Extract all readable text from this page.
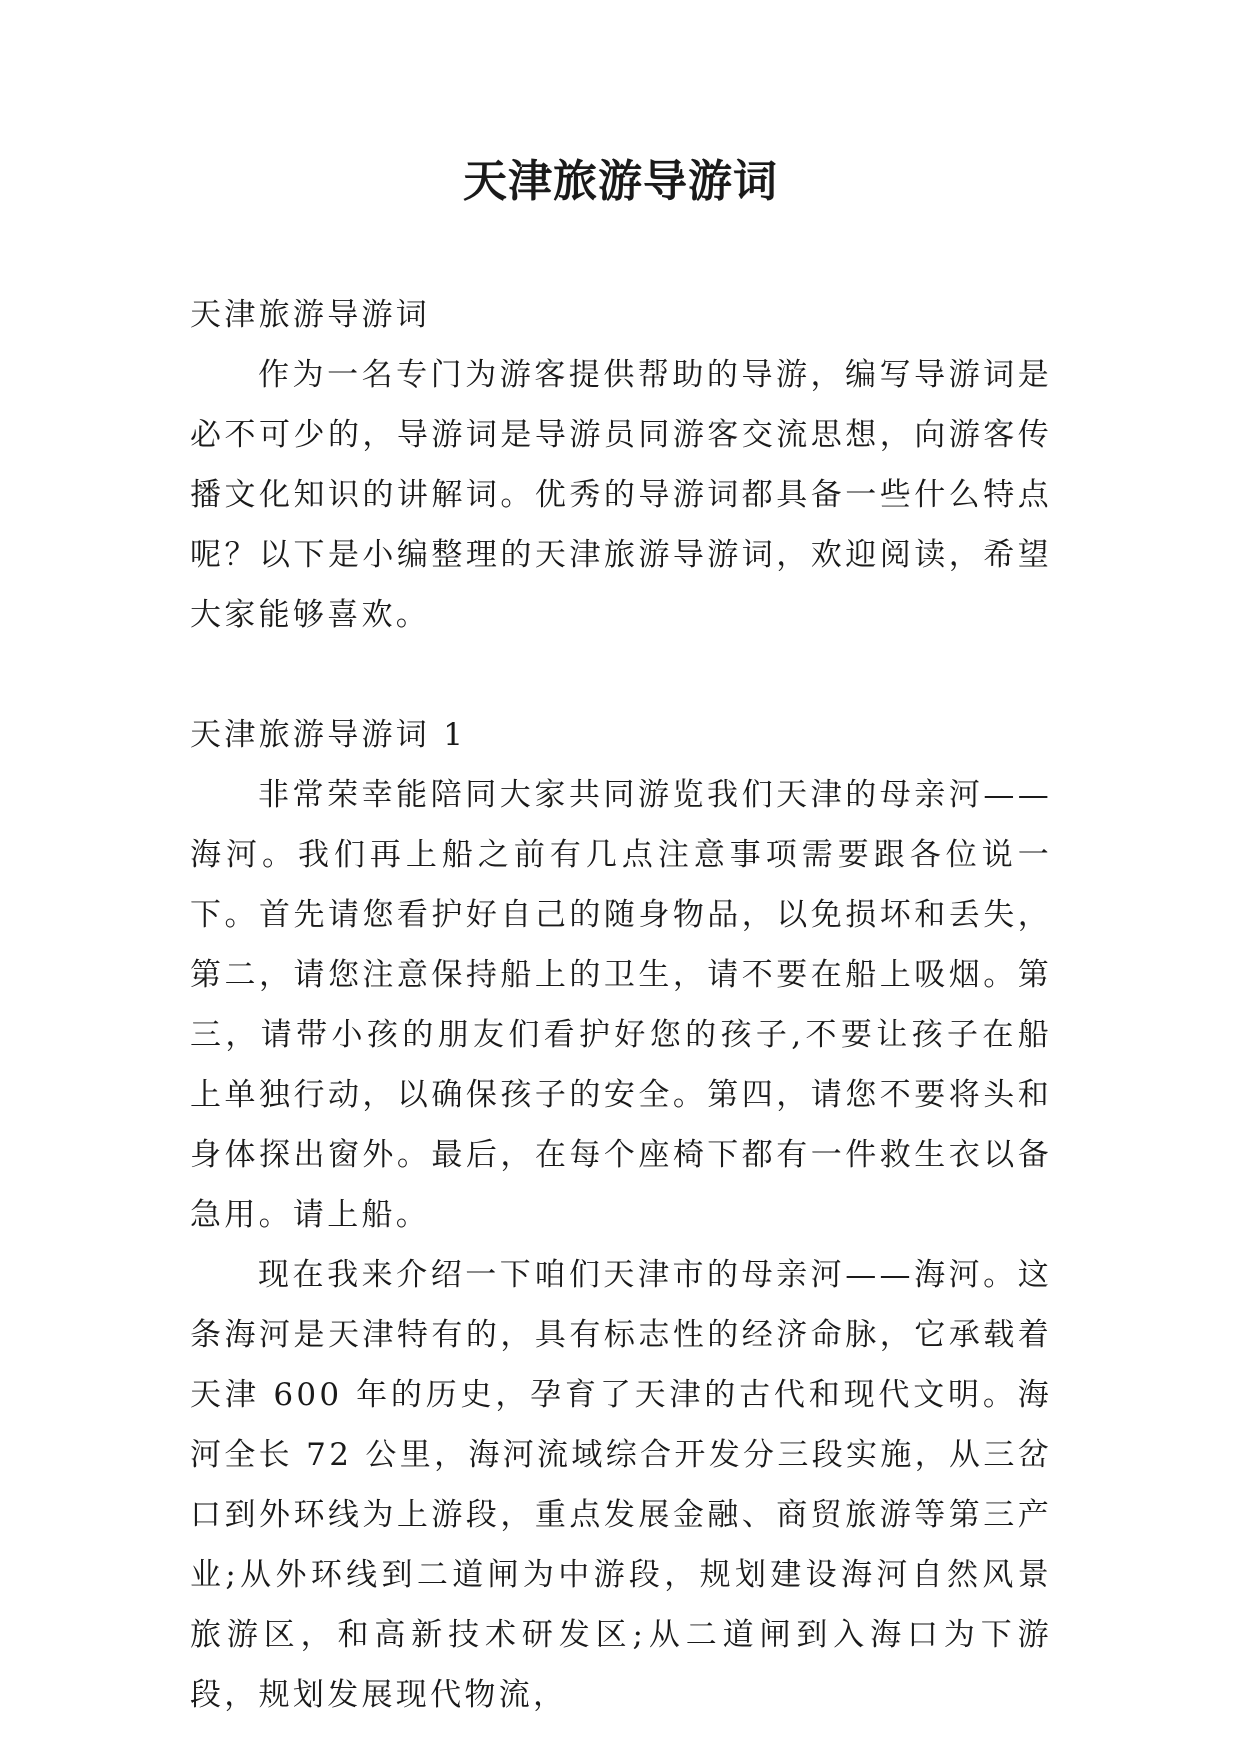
天津旅游导游词

天津旅游导游词

作为一名专门为游客提供帮助的导游，编写导游词是必不可少的，导游词是导游员同游客交流思想，向游客传播文化知识的讲解词。优秀的导游词都具备一些什么特点呢？以下是小编整理的天津旅游导游词，欢迎阅读，希望大家能够喜欢。

天津旅游导游词 1

非常荣幸能陪同大家共同游览我们天津的母亲河——海河。我们再上船之前有几点注意事项需要跟各位说一下。首先请您看护好自己的随身物品，以免损坏和丢失，第二，请您注意保持船上的卫生，请不要在船上吸烟。第三，请带小孩的朋友们看护好您的孩子,不要让孩子在船上单独行动，以确保孩子的安全。第四，请您不要将头和身体探出窗外。最后，在每个座椅下都有一件救生衣以备急用。请上船。

现在我来介绍一下咱们天津市的母亲河——海河。这条海河是天津特有的，具有标志性的经济命脉，它承载着天津 600 年的历史，孕育了天津的古代和现代文明。海河全长 72 公里，海河流域综合开发分三段实施，从三岔口到外环线为上游段，重点发展金融、商贸旅游等第三产业;从外环线到二道闸为中游段，规划建设海河自然风景旅游区，和高新技术研发区;从二道闸到入海口为下游段，规划发展现代物流，
